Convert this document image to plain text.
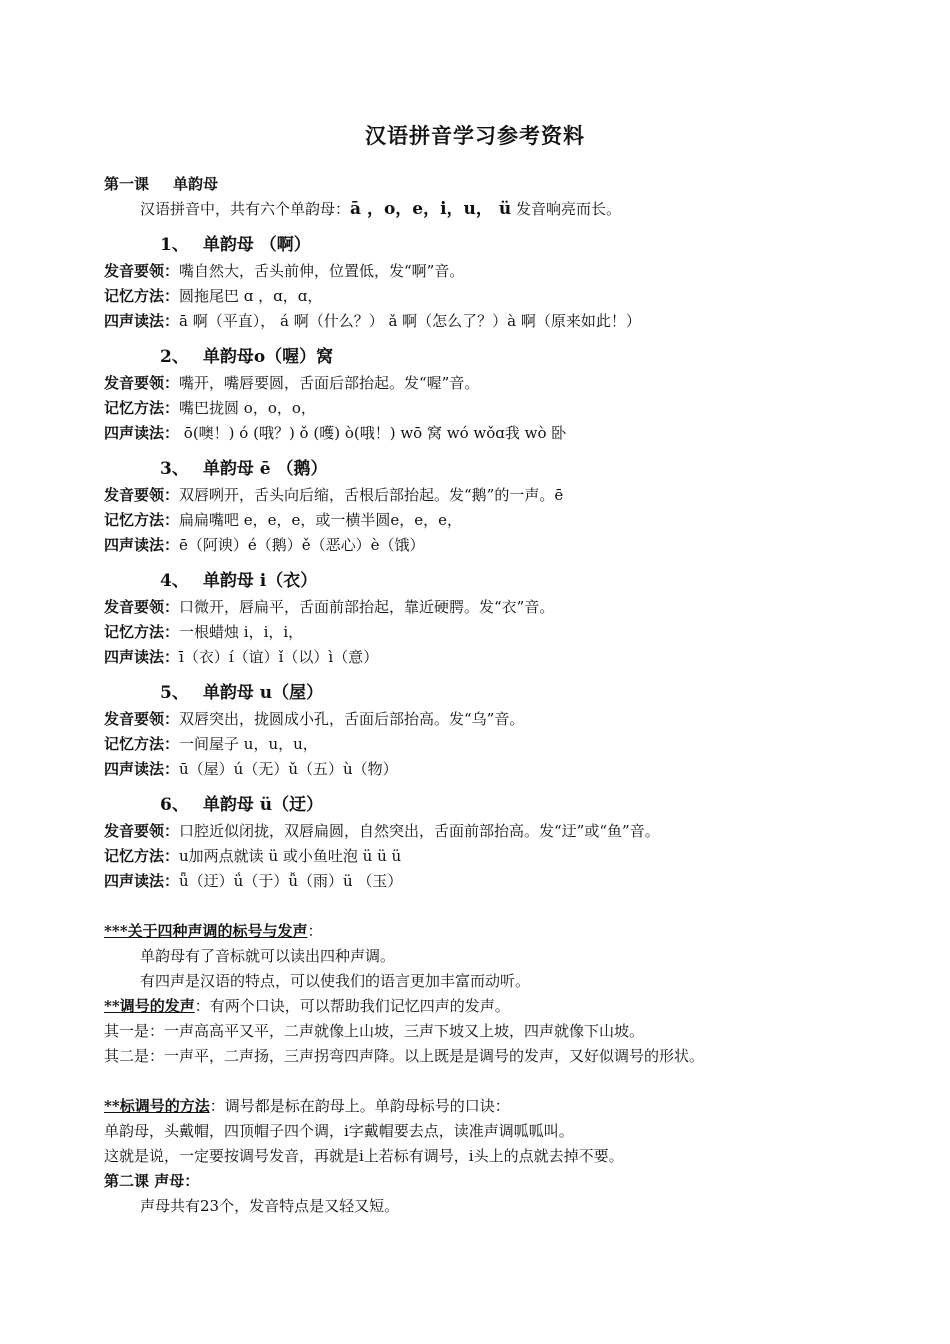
汉语拼音学习参考资料
第一课 单韵母
汉语拼音中，共有六个单韵母：ā ，o，e，i，u， ü 发音响亮而长。
1、 单韵母 （啊）
发音要领：嘴自然大，舌头前伸，位置低，发“啊”音。
记忆方法：圆拖尾巴 ɑ ，ɑ，ɑ，
四声读法：ā 啊（平直）， á 啊（什么？） ǎ 啊（怎么了？）à 啊（原来如此！）
2、 单韵母o（喔）窝
发音要领：嘴开，嘴唇要圆，舌面后部抬起。发“喔”音。
记忆方法：嘴巴拢圆 o，o，o，
四声读法： ō(噢！) ó (哦？) ǒ (嚄) ò(哦！) wō 窝 wó wǒɑ我 wò 卧
3、 单韵母 ē （鹅）
发音要领：双唇咧开，舌头向后缩，舌根后部抬起。发“鹅”的一声。ē
记忆方法：扁扁嘴吧 e，e，e，或一横半圆e，e，e，
四声读法：ē（阿谀）é（鹅）ě（恶心）è（饿）
4、 单韵母 i（衣）
发音要领：口微开，唇扁平，舌面前部抬起，靠近硬腭。发“衣”音。
记忆方法：一根蜡烛 i，i，i，
四声读法：ī（衣）í（谊）ǐ（以）ì（意）
5、 单韵母 u（屋）
发音要领：双唇突出，拢圆成小孔，舌面后部抬高。发“乌”音。
记忆方法：一间屋子 u，u，u，
四声读法：ū（屋）ú（无）ǔ（五）ù（物）
6、 单韵母 ü（迂）
发音要领：口腔近似闭拢，双唇扁圆，自然突出，舌面前部抬高。发“迂”或“鱼”音。
记忆方法：u加两点就读 ü 或小鱼吐泡 ü ü ü
四声读法：ǖ（迂）ǘ（于）ǚ（雨）ü （玉）
***关于四种声调的标号与发声：
单韵母有了音标就可以读出四种声调。
有四声是汉语的特点，可以使我们的语言更加丰富而动听。
**调号的发声：有两个口诀，可以帮助我们记忆四声的发声。
其一是：一声高高平又平，二声就像上山坡，三声下坡又上坡，四声就像下山坡。
其二是：一声平，二声扬，三声拐弯四声降。以上既是是调号的发声，又好似调号的形状。
**标调号的方法：调号都是标在韵母上。单韵母标号的口诀：
单韵母，头戴帽，四顶帽子四个调，i字戴帽要去点，读准声调呱呱叫。
这就是说，一定要按调号发音，再就是i上若标有调号，i头上的点就去掉不要。
第二课 声母：
声母共有23个，发音特点是又轻又短。
